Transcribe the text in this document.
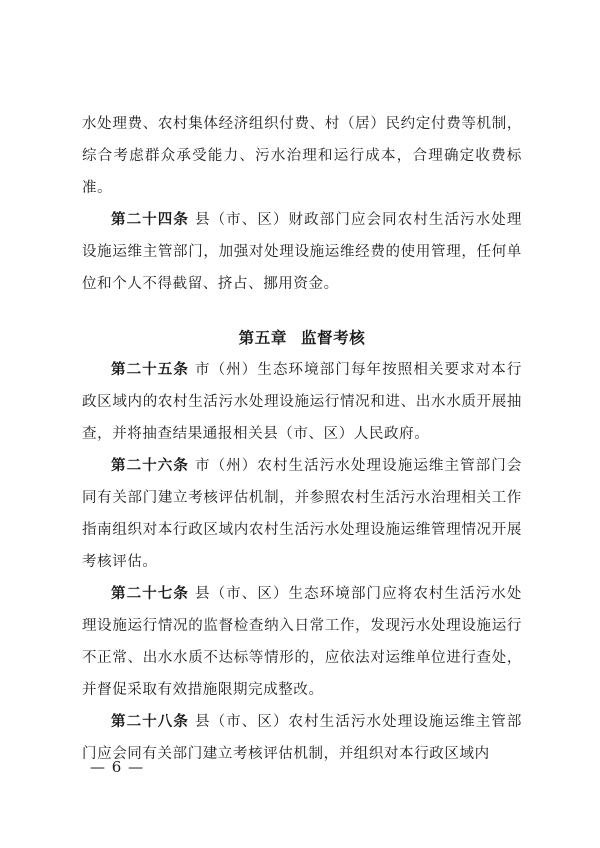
水处理费、农村集体经济组织付费、村（居）民约定付费等机制，综合考虑群众承受能力、污水治理和运行成本，合理确定收费标准。

第二十四条 县（市、区）财政部门应会同农村生活污水处理设施运维主管部门，加强对处理设施运维经费的使用管理，任何单位和个人不得截留、挤占、挪用资金。

第五章 监督考核

第二十五条 市（州）生态环境部门每年按照相关要求对本行政区域内的农村生活污水处理设施运行情况和进、出水水质开展抽查，并将抽查结果通报相关县（市、区）人民政府。

第二十六条 市（州）农村生活污水处理设施运维主管部门会同有关部门建立考核评估机制，并参照农村生活污水治理相关工作指南组织对本行政区域内农村生活污水处理设施运维管理情况开展考核评估。

第二十七条 县（市、区）生态环境部门应将农村生活污水处理设施运行情况的监督检查纳入日常工作，发现污水处理设施运行不正常、出水水质不达标等情形的，应依法对运维单位进行查处，并督促采取有效措施限期完成整改。

第二十八条 县（市、区）农村生活污水处理设施运维主管部门应会同有关部门建立考核评估机制，并组织对本行政区域内

— 6 —
